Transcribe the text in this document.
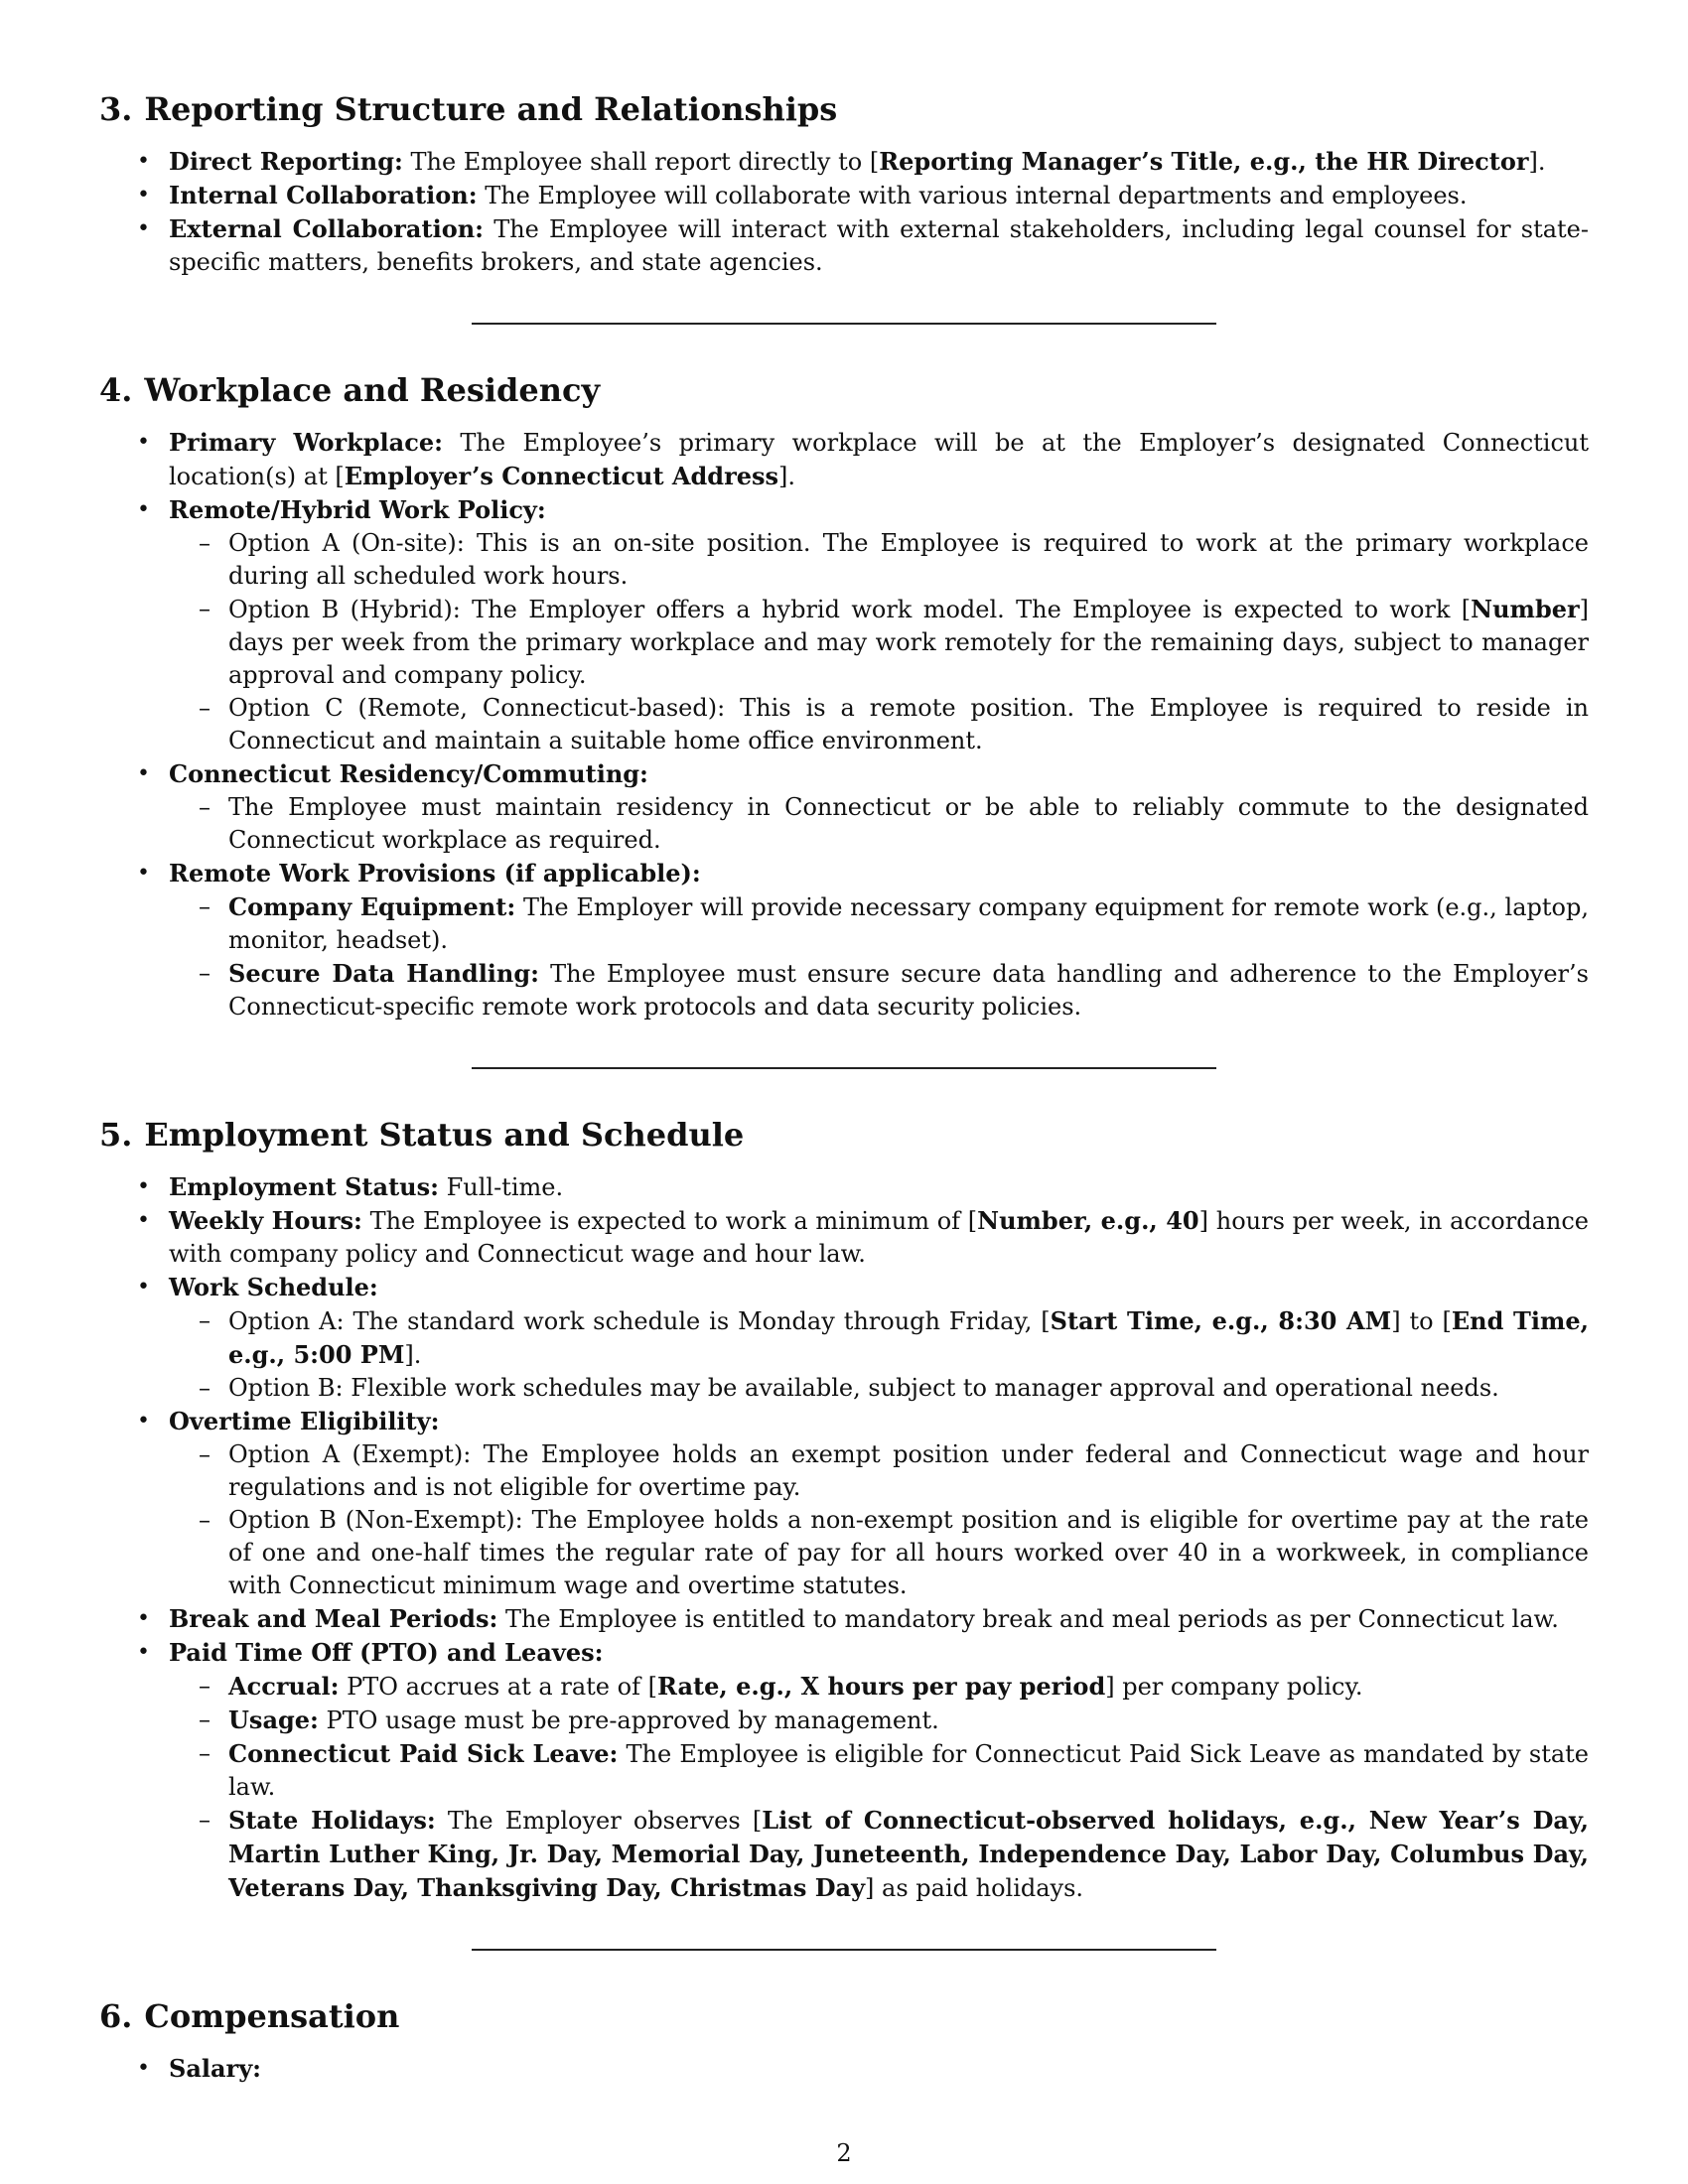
3. Reporting Structure and Relationships
• Direct Reporting: The Employee shall report directly to [Reporting Manager’s Title, e.g., the HR Director].
• Internal Collaboration: The Employee will collaborate with various internal departments and employees.
• External Collaboration: The Employee will interact with external stakeholders, including legal counsel for state-specific matters, benefits brokers, and state agencies.
4. Workplace and Residency
• Primary Workplace: The Employee’s primary workplace will be at the Employer’s designated Connecticut location(s) at [Employer’s Connecticut Address].
• Remote/Hybrid Work Policy:
– Option A (On-site): This is an on-site position. The Employee is required to work at the primary workplace during all scheduled work hours.
– Option B (Hybrid): The Employer offers a hybrid work model. The Employee is expected to work [Number] days per week from the primary workplace and may work remotely for the remaining days, subject to manager approval and company policy.
– Option C (Remote, Connecticut-based): This is a remote position. The Employee is required to reside in Connecticut and maintain a suitable home office environment.
• Connecticut Residency/Commuting:
– The Employee must maintain residency in Connecticut or be able to reliably commute to the designated Connecticut workplace as required.
• Remote Work Provisions (if applicable):
– Company Equipment: The Employer will provide necessary company equipment for remote work (e.g., laptop, monitor, headset).
– Secure Data Handling: The Employee must ensure secure data handling and adherence to the Employer’s Connecticut-specific remote work protocols and data security policies.
5. Employment Status and Schedule
• Employment Status: Full-time.
• Weekly Hours: The Employee is expected to work a minimum of [Number, e.g., 40] hours per week, in accordance with company policy and Connecticut wage and hour law.
• Work Schedule:
– Option A: The standard work schedule is Monday through Friday, [Start Time, e.g., 8:30 AM] to [End Time, e.g., 5:00 PM].
– Option B: Flexible work schedules may be available, subject to manager approval and operational needs.
• Overtime Eligibility:
– Option A (Exempt): The Employee holds an exempt position under federal and Connecticut wage and hour regulations and is not eligible for overtime pay.
– Option B (Non-Exempt): The Employee holds a non-exempt position and is eligible for overtime pay at the rate of one and one-half times the regular rate of pay for all hours worked over 40 in a workweek, in compliance with Connecticut minimum wage and overtime statutes.
• Break and Meal Periods: The Employee is entitled to mandatory break and meal periods as per Connecticut law.
• Paid Time Off (PTO) and Leaves:
– Accrual: PTO accrues at a rate of [Rate, e.g., X hours per pay period] per company policy.
– Usage: PTO usage must be pre-approved by management.
– Connecticut Paid Sick Leave: The Employee is eligible for Connecticut Paid Sick Leave as mandated by state law.
– State Holidays: The Employer observes [List of Connecticut-observed holidays, e.g., New Year’s Day, Martin Luther King, Jr. Day, Memorial Day, Juneteenth, Independence Day, Labor Day, Columbus Day, Veterans Day, Thanksgiving Day, Christmas Day] as paid holidays.
6. Compensation
• Salary:
2
